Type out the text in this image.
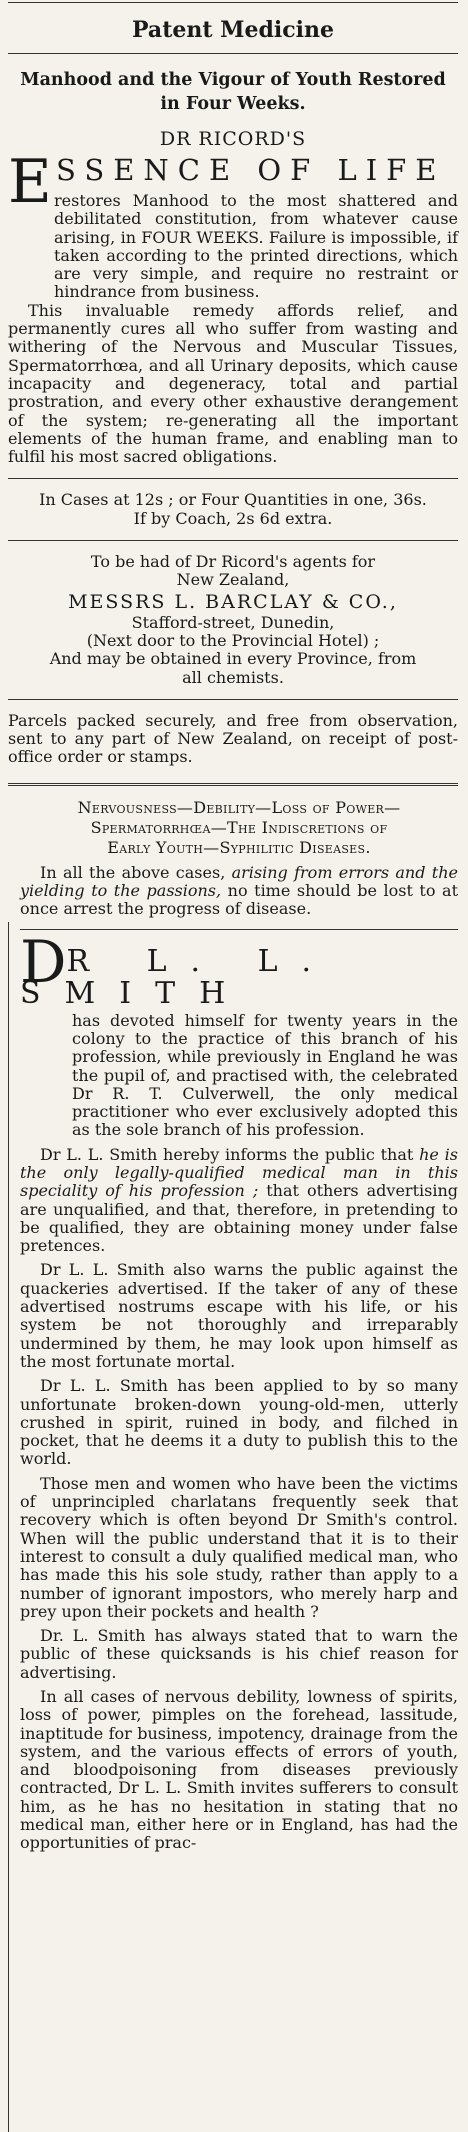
Patent Medicine
Manhood and the Vigour of Youth Restored in Four Weeks.
DR RICORD'S
E SSENCE OF LIFE

restores Manhood to the most shattered and debilitated constitution, from whatever cause arising, in FOUR WEEKS. Failure is impossible, if taken according to the printed directions, which are very simple, and require no restraint or hindrance from business.

This invaluable remedy affords relief, and permanently cures all who suffer from wasting and withering of the Nervous and Muscular Tissues, Spermatorrhœa, and all Urinary deposits, which cause incapacity and degeneracy, total and partial prostration, and every other exhaustive derangement of the system; re-generating all the important elements of the human frame, and enabling man to fulfil his most sacred obligations.

In Cases at 12s ; or Four Quantities in one, 36s.

If by Coach, 2s 6d extra.

To be had of Dr Ricord's agents for

New Zealand,

MESSRS L. BARCLAY & CO.,

Stafford-street, Dunedin,

(Next door to the Provincial Hotel) ;

And may be obtained in every Province, from

all chemists.

Parcels packed securely, and free from observation, sent to any part of New Zealand, on receipt of post-office order or stamps.

Nervousness—Debility—Loss of Power—
Spermatorrhœa—The Indiscretions of
Early Youth—Syphilitic Diseases.

In all the above cases, arising from errors and the yielding to the passions, no time should be lost to at once arrest the progress of disease.

DR L. L. SMITH

has devoted himself for twenty years in the colony to the practice of this branch of his profession, while previously in England he was the pupil of, and practised with, the celebrated Dr R. T. Culverwell, the only medical practitioner who ever exclusively adopted this as the sole branch of his profession.

Dr L. L. Smith hereby informs the public that he is the only legally-qualified medical man in this speciality of his profession ; that others advertising are unqualified, and that, therefore, in pretending to be qualified, they are obtaining money under false pretences.

Dr L. L. Smith also warns the public against the quackeries advertised. If the taker of any of these advertised nostrums escape with his life, or his system be not thoroughly and irreparably undermined by them, he may look upon himself as the most fortunate mortal.

Dr L. L. Smith has been applied to by so many unfortunate broken-down young-old-men, utterly crushed in spirit, ruined in body, and filched in pocket, that he deems it a duty to publish this to the world.

Those men and women who have been the victims of unprincipled charlatans frequently seek that recovery which is often beyond Dr Smith's control. When will the public understand that it is to their interest to consult a duly qualified medical man, who has made this his sole study, rather than apply to a number of ignorant impostors, who merely harp and prey upon their pockets and health ?

Dr. L. Smith has always stated that to warn the public of these quicksands is his chief reason for advertising.

In all cases of nervous debility, lowness of spirits, loss of power, pimples on the forehead, lassitude, inaptitude for business, impotency, drainage from the system, and the various effects of errors of youth, and bloodpoisoning from diseases previously contracted, Dr L. L. Smith invites sufferers to consult him, as he has no hesitation in stating that no medical man, either here or in England, has had the opportunities of prac-
